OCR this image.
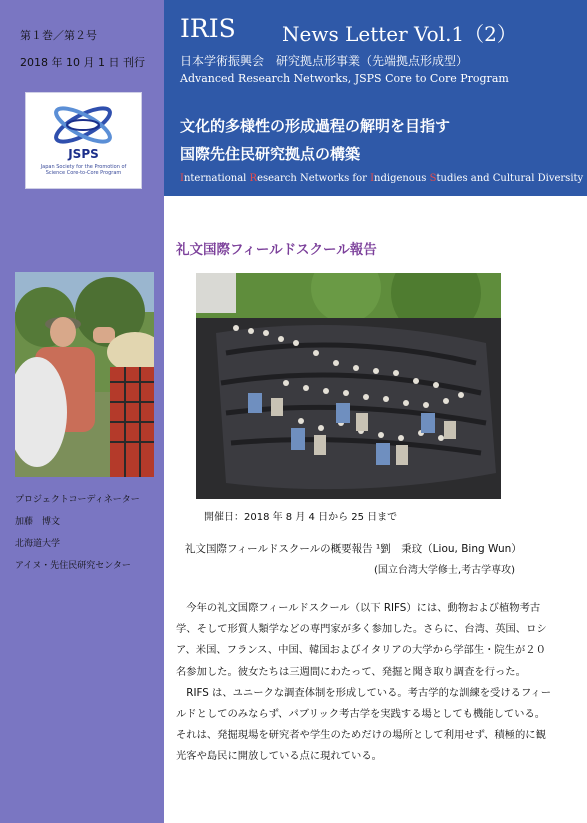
第１巻／第２号
2018 年 10 月 1 日 刊行
JSPS
Japan Society for the Promotion of Science Core-to-Core Program
プロジェクトコーディネーター
加藤　博文
北海道大学
アイヌ・先住民研究センター
IRIS News Letter Vol.1（2）
日本学術振興会　研究拠点形事業（先端拠点形成型）
Advanced Research Networks, JSPS Core to Core Program
文化的多様性の形成過程の解明を目指す
国際先住民研究拠点の構築
International Research Networks for Indigenous Studies and Cultural Diversity
礼文国際フィールドスクール報告
開催日：2018 年 8 月 4 日から 25 日まで
礼文国際フィールドスクールの概要報告 ¹劉　秉玟（Liou, Bing Wun）
(国立台湾大学修士,考古学専攻)

　今年の礼文国際フィールドスクール（以下 RIFS）には、動物および植物考古学、そして形質人類学などの専門家が多く参加した。さらに、台湾、英国、ロシア、米国、フランス、中国、韓国およびイタリアの大学から学部生・院生が２０名参加した。彼女たちは三週間にわたって、発掘と聞き取り調査を行った。

　RIFS は、ユニークな調査体制を形成している。考古学的な訓練を受けるフィールドとしてのみならず、パブリック考古学を実践する場としても機能している。それは、発掘現場を研究者や学生のためだけの場所として利用せず、積極的に観光客や島民に開放している点に現れている。
